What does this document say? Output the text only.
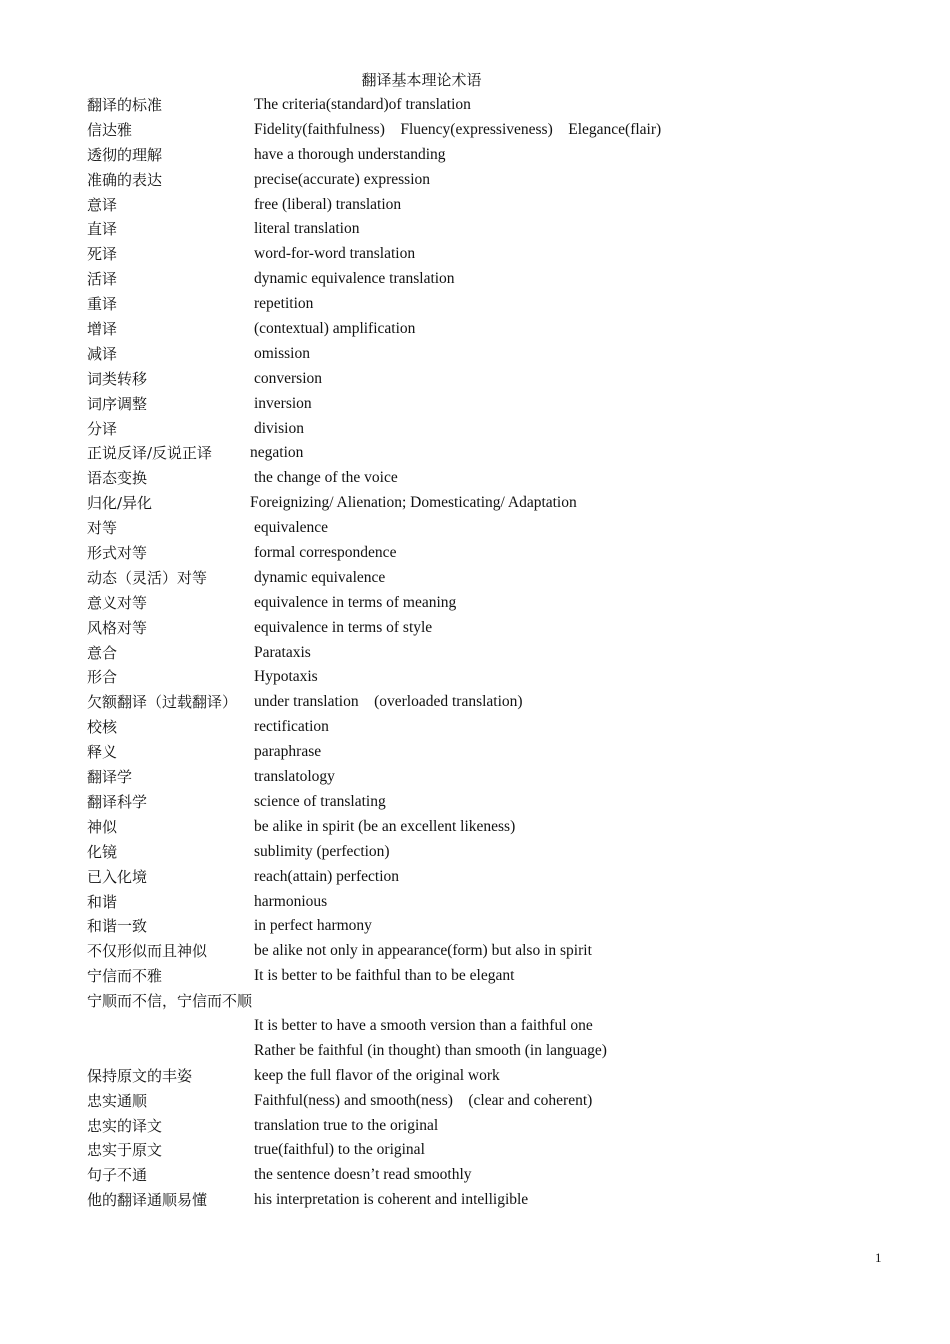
翻译基本理论术语
翻译的标准	The criteria(standard)of translation
信达雅	Fidelity(faithfulness)    Fluency(expressiveness)    Elegance(flair)
透彻的理解	have a thorough understanding
准确的表达	precise(accurate) expression
意译	free (liberal) translation
直译	literal translation
死译	word-for-word translation
活译	dynamic equivalence translation
重译	repetition
增译	(contextual) amplification
减译	omission
词类转移	conversion
词序调整	inversion
分译	division
正说反译/反说正译 negation
语态变换	the change of the voice
归化/异化	Foreignizing/ Alienation; Domesticating/ Adaptation
对等	equivalence
形式对等	formal correspondence
动态（灵活）对等	dynamic equivalence
意义对等	equivalence in terms of meaning
风格对等	equivalence in terms of style
意合	Parataxis
形合	Hypotaxis
欠额翻译（过载翻译） under translation    (overloaded translation)
校核	rectification
释义	paraphrase
翻译学	translatology
翻译科学	science of translating
神似	be alike in spirit (be an excellent likeness)
化镜	sublimity (perfection)
已入化境	reach(attain) perfection
和谐	harmonious
和谐一致	in perfect harmony
不仅形似而且神似	be alike not only in appearance(form) but also in spirit
宁信而不雅	It is better to be faithful than to be elegant
宁顺而不信，宁信而不顺
It is better to have a smooth version than a faithful one
Rather be faithful (in thought) than smooth (in language)
保持原文的丰姿	keep the full flavor of the original work
忠实通顺	Faithful(ness) and smooth(ness)    (clear and coherent)
忠实的译文	translation true to the original
忠实于原文	true(faithful) to the original
句子不通	the sentence doesn’t read smoothly
他的翻译通顺易懂	his interpretation is coherent and intelligible
1
